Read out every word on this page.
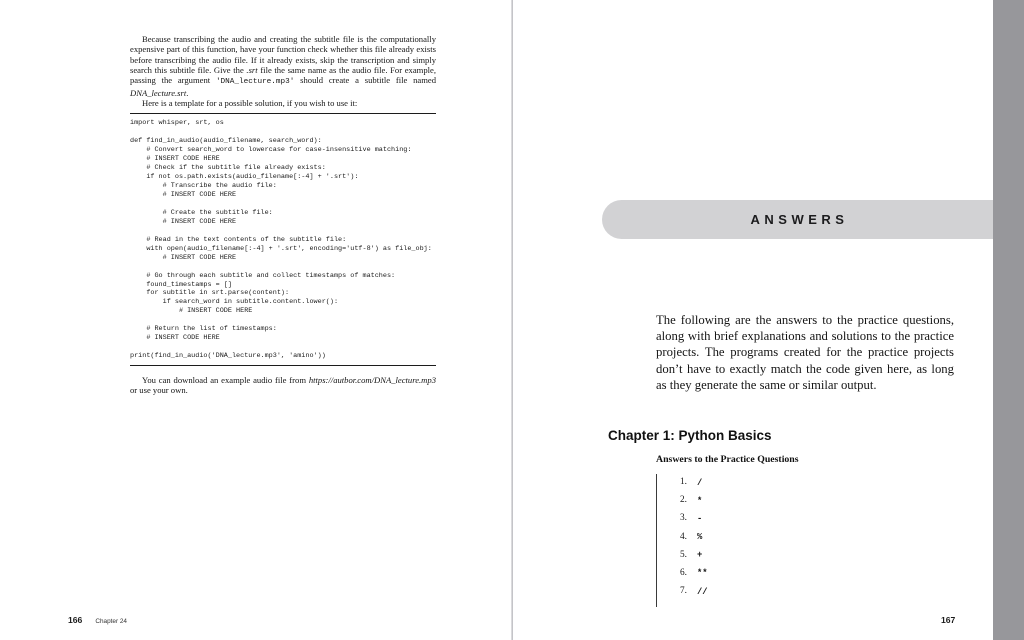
Because transcribing the audio and creating the subtitle file is the computationally expensive part of this function, have your function check whether this file already exists before transcribing the audio file. If it already exists, skip the transcription and simply search this subtitle file. Give the .srt file the same name as the audio file. For example, passing the argument 'DNA_lecture.mp3' should create a subtitle file named DNA_lecture.srt.

Here is a template for a possible solution, if you wish to use it:

import whisper, srt, os
def find_in_audio(audio_filename, search_word):
# Convert search_word to lowercase for case-insensitive matching:
# INSERT CODE HERE
# Check if the subtitle file already exists:
if not os.path.exists(audio_filename[:-4] + '.srt'):
# Transcribe the audio file:
# INSERT CODE HERE
# Create the subtitle file:
# INSERT CODE HERE
# Read in the text contents of the subtitle file:
with open(audio_filename[:-4] + '.srt', encoding='utf-8') as file_obj:
# INSERT CODE HERE
# Go through each subtitle and collect timestamps of matches:
found_timestamps = []
for subtitle in srt.parse(content):
if search_word in subtitle.content.lower():
# INSERT CODE HERE
# Return the list of timestamps:
# INSERT CODE HERE
print(find_in_audio('DNA_lecture.mp3', 'amino'))

You can download an example audio file from https://autbor.com/DNA_lecture.mp3 or use your own.

166 Chapter 24
ANSWERS

The following are the answers to the practice questions, along with brief explanations and solutions to the practice projects. The programs created for the practice projects don’t have to exactly match the code given here, as long as they generate the same or similar output.

Chapter 1: Python Basics
Answers to the Practice Questions
1. /
2. *
3. -
4. %
5. +
6. **
7. //
167
